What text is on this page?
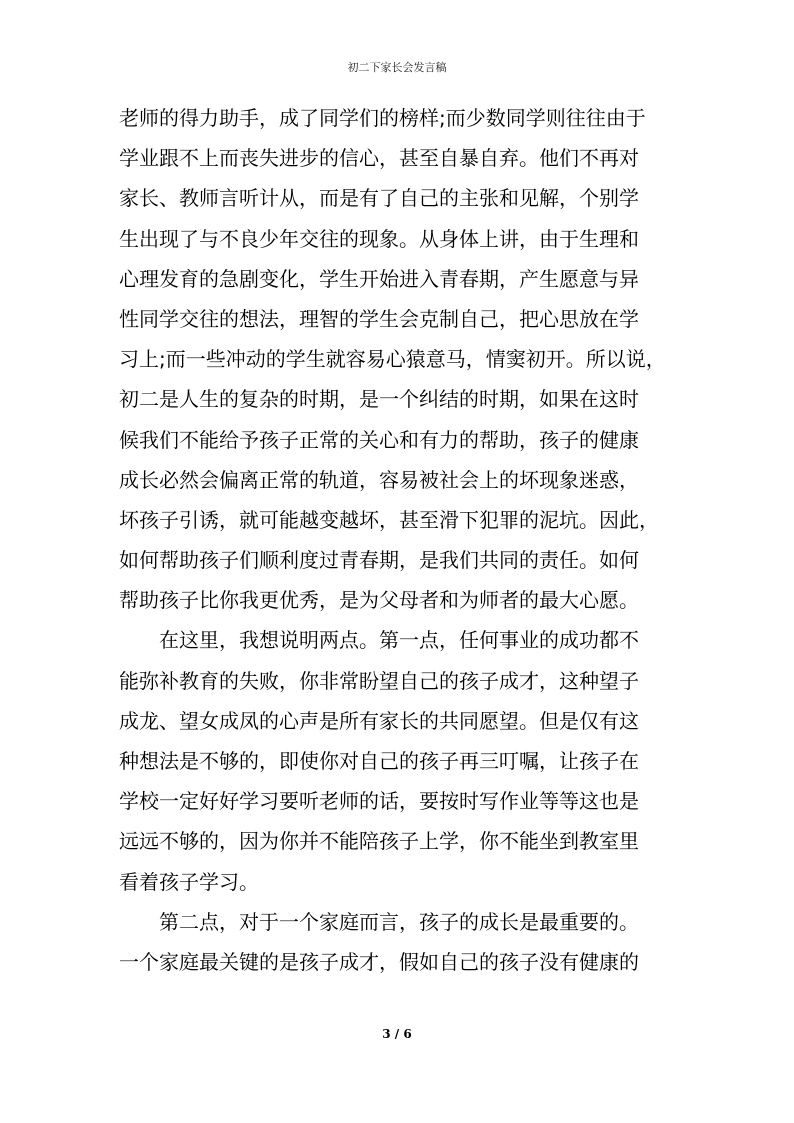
初二下家长会发言稿
老师的得力助手，成了同学们的榜样;而少数同学则往往由于
学业跟不上而丧失进步的信心，甚至自暴自弃。他们不再对
家长、教师言听计从，而是有了自己的主张和见解，个别学
生出现了与不良少年交往的现象。从身体上讲，由于生理和
心理发育的急剧变化，学生开始进入青春期，产生愿意与异
性同学交往的想法，理智的学生会克制自己，把心思放在学
习上;而一些冲动的学生就容易心猿意马，情窦初开。所以说，
初二是人生的复杂的时期，是一个纠结的时期，如果在这时
候我们不能给予孩子正常的关心和有力的帮助，孩子的健康
成长必然会偏离正常的轨道，容易被社会上的坏现象迷惑，
坏孩子引诱，就可能越变越坏，甚至滑下犯罪的泥坑。因此，
如何帮助孩子们顺利度过青春期，是我们共同的责任。如何
帮助孩子比你我更优秀，是为父母者和为师者的最大心愿。
在这里，我想说明两点。第一点，任何事业的成功都不
能弥补教育的失败，你非常盼望自己的孩子成才，这种望子
成龙、望女成凤的心声是所有家长的共同愿望。但是仅有这
种想法是不够的，即使你对自己的孩子再三叮嘱，让孩子在
学校一定好好学习要听老师的话，要按时写作业等等这也是
远远不够的，因为你并不能陪孩子上学，你不能坐到教室里
看着孩子学习。
第二点，对于一个家庭而言，孩子的成长是最重要的。
一个家庭最关键的是孩子成才，假如自己的孩子没有健康的
3 / 6
